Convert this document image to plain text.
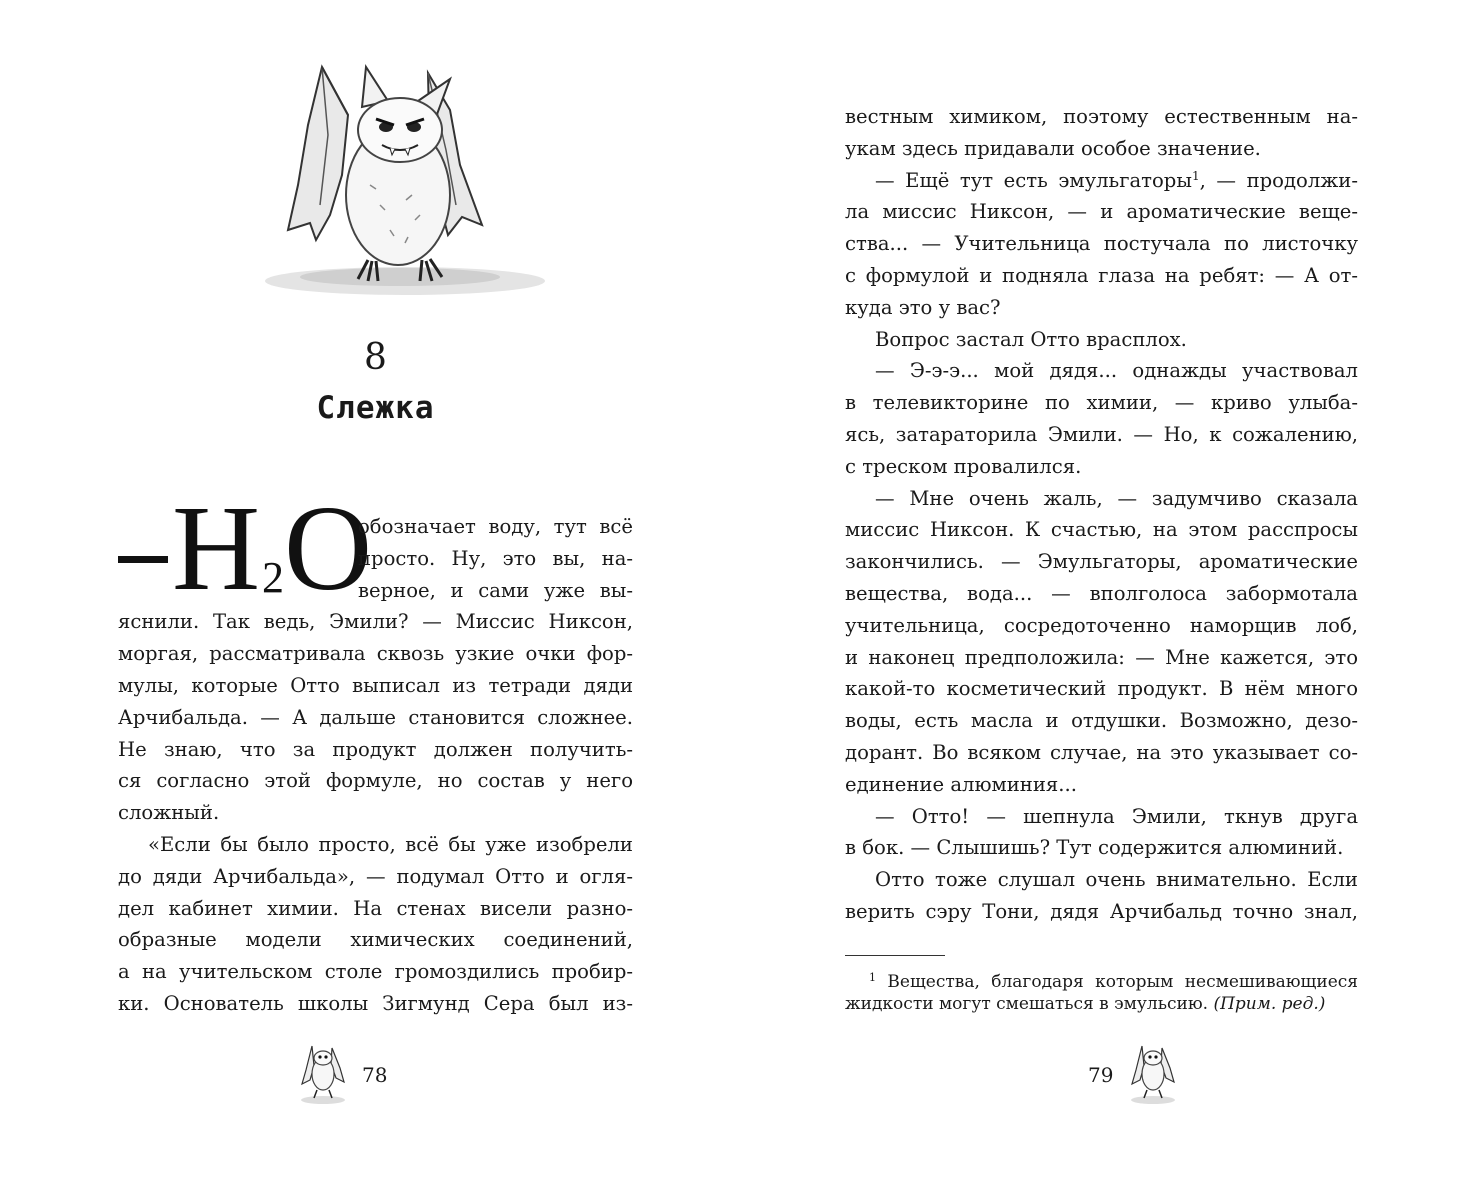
8
Слежка
H 2 O
обозначает воду, тут всё
просто. Ну, это вы, на-
верное, и сами уже вы-
яснили. Так ведь, Эмили? — Миссис Никсон,
моргая, рассматривала сквозь узкие очки фор-
мулы, которые Отто выписал из тетради дяди
Арчибальда. — А дальше становится сложнее.
Не знаю, что за продукт должен получить-
ся согласно этой формуле, но состав у него
сложный.
«Если бы было просто, всё бы уже изобрели
до дяди Арчибальда», — подумал Отто и огля-
дел кабинет химии. На стенах висели разно-
образные модели химических соединений,
а на учительском столе громоздились пробир-
ки. Основатель школы Зигмунд Сера был из-
78
вестным химиком, поэтому естественным на-
укам здесь придавали особое значение.
— Ещё тут есть эмульгаторы$^1$, — продолжи-
ла миссис Никсон, — и ароматические веще-
ства... — Учительница постучала по листочку
с формулой и подняла глаза на ребят: — А от-
куда это у вас?
Вопрос застал Отто врасплох.
— Э-э-э... мой дядя... однажды участвовал
в телевикторине по химии, — криво улыба-
ясь, затараторила Эмили. — Но, к сожалению,
с треском провалился.
— Мне очень жаль, — задумчиво сказала
миссис Никсон. К счастью, на этом расспросы
закончились. — Эмульгаторы, ароматические
вещества, вода... — вполголоса забормотала
учительница, сосредоточенно наморщив лоб,
и наконец предположила: — Мне кажется, это
какой-то косметический продукт. В нём много
воды, есть масла и отдушки. Возможно, дезо-
дорант. Во всяком случае, на это указывает со-
единение алюминия...
— Отто! — шепнула Эмили, ткнув друга
в бок. — Слышишь? Тут содержится алюминий.
Отто тоже слушал очень внимательно. Если
верить сэру Тони, дядя Арчибальд точно знал,
$^1$ Вещества, благодаря которым несмешивающиеся
жидкости могут смешаться в эмульсию. (Прим. ред.)
79
